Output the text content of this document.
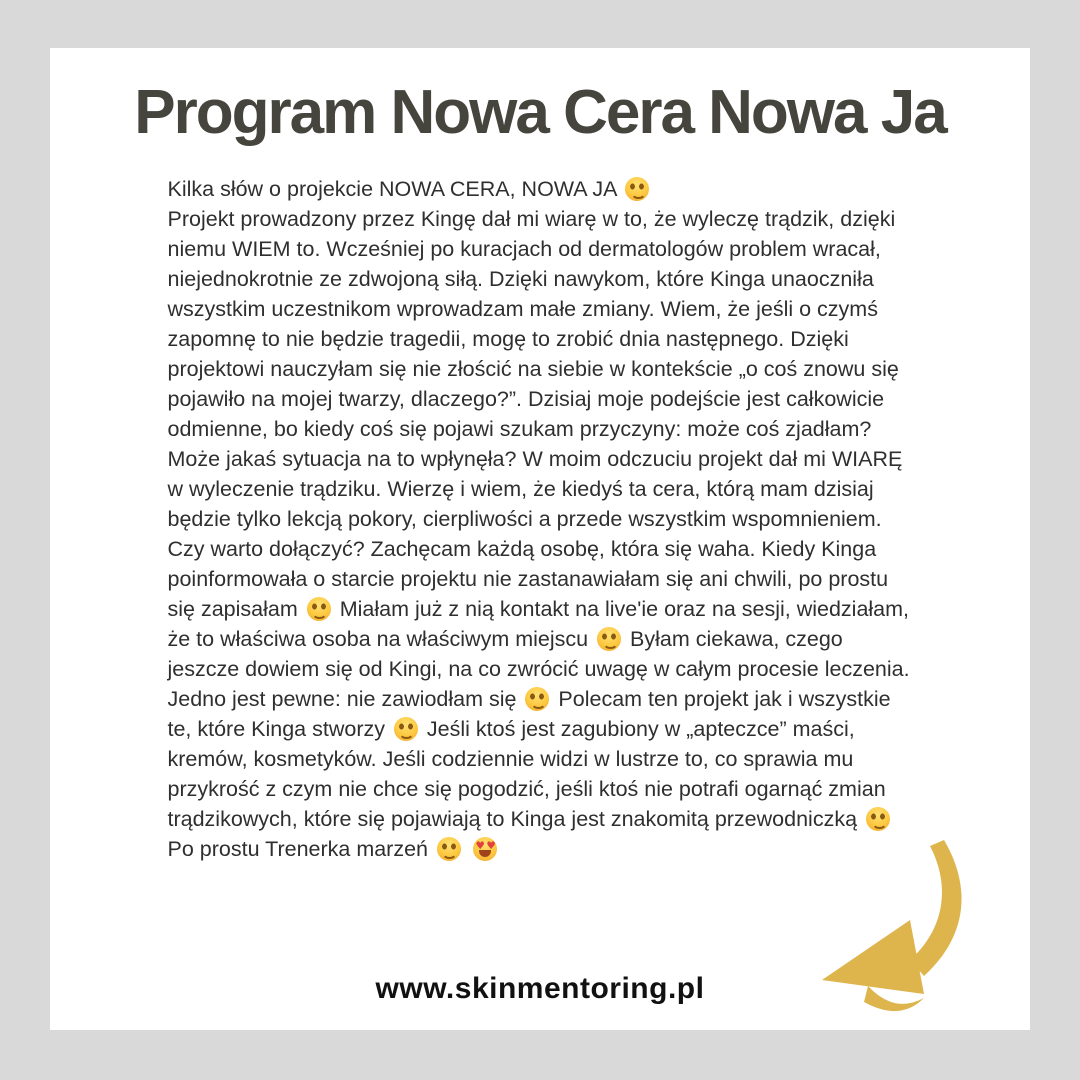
Program Nowa Cera Nowa Ja
Kilka słów o projekcie NOWA CERA, NOWA JA
Projekt prowadzony przez Kingę dał mi wiarę w to, że wyleczę trądzik, dzięki niemu WIEM to. Wcześniej po kuracjach od dermatologów problem wracał, niejednokrotnie ze zdwojoną siłą. Dzięki nawykom, które Kinga unaoczniła wszystkim uczestnikom wprowadzam małe zmiany. Wiem, że jeśli o czymś zapomnę to nie będzie tragedii, mogę to zrobić dnia następnego. Dzięki projektowi nauczyłam się nie złościć na siebie w kontekście „o coś znowu się pojawiło na mojej twarzy, dlaczego?”. Dzisiaj moje podejście jest całkowicie odmienne, bo kiedy coś się pojawi szukam przyczyny: może coś zjadłam? Może jakaś sytuacja na to wpłynęła? W moim odczuciu projekt dał mi WIARĘ w wyleczenie trądziku. Wierzę i wiem, że kiedyś ta cera, którą mam dzisiaj będzie tylko lekcją pokory, cierpliwości a przede wszystkim wspomnieniem. Czy warto dołączyć? Zachęcam każdą osobę, która się waha. Kiedy Kinga poinformowała o starcie projektu nie zastanawiałam się ani chwili, po prostu się zapisałam  Miałam już z nią kontakt na live'ie oraz na sesji, wiedziałam, że to właściwa osoba na właściwym miejscu  Byłam ciekawa, czego jeszcze dowiem się od Kingi, na co zwrócić uwagę w całym procesie leczenia. Jedno jest pewne: nie zawiodłam się  Polecam ten projekt jak i wszystkie te, które Kinga stworzy  Jeśli ktoś jest zagubiony w „apteczce” maści, kremów, kosmetyków. Jeśli codziennie widzi w lustrze to, co sprawia mu przykrość z czym nie chce się pogodzić, jeśli ktoś nie potrafi ogarnąć zmian trądzikowych, które się pojawiają to Kinga jest znakomitą przewodniczką  Po prostu Trenerka marzeń  ♥♥
www.skinmentoring.pl
